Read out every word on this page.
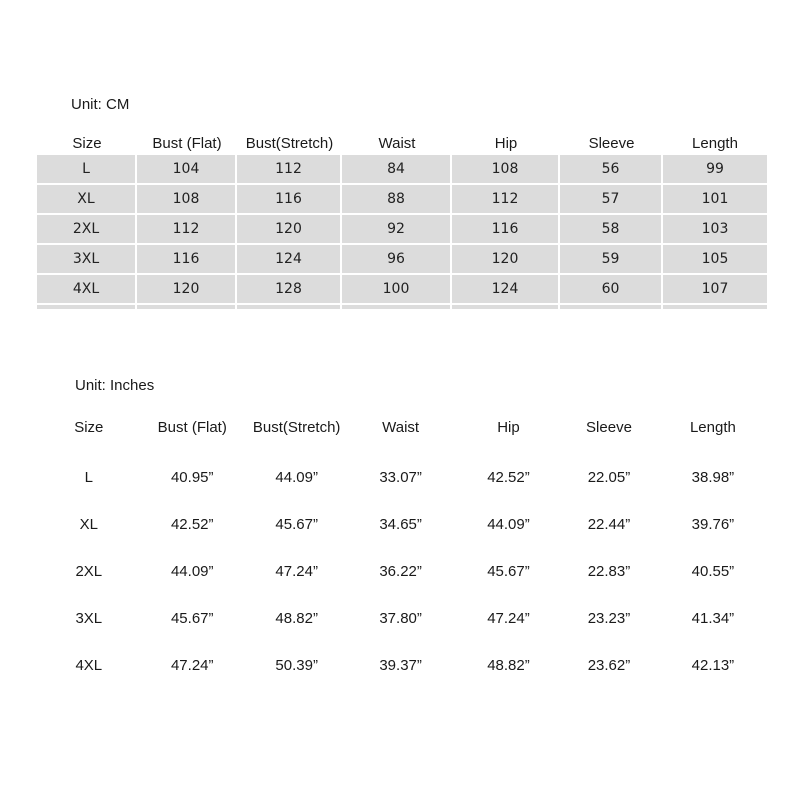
Unit: CM
Size	Bust (Flat)	Bust(Stretch)	Waist	Hip	Sleeve	Length
L	104	112	84	108	56	99
XL	108	116	88	112	57	101
2XL	112	120	92	116	58	103
3XL	116	124	96	120	59	105
4XL	120	128	100	124	60	107
Unit: Inches
Size	Bust (Flat)	Bust(Stretch)	Waist	Hip	Sleeve	Length
L	40.95”	44.09”	33.07”	42.52”	22.05”	38.98”
XL	42.52”	45.67”	34.65”	44.09”	22.44”	39.76”
2XL	44.09”	47.24”	36.22”	45.67”	22.83”	40.55”
3XL	45.67”	48.82”	37.80”	47.24”	23.23”	41.34”
4XL	47.24”	50.39”	39.37”	48.82”	23.62”	42.13”
